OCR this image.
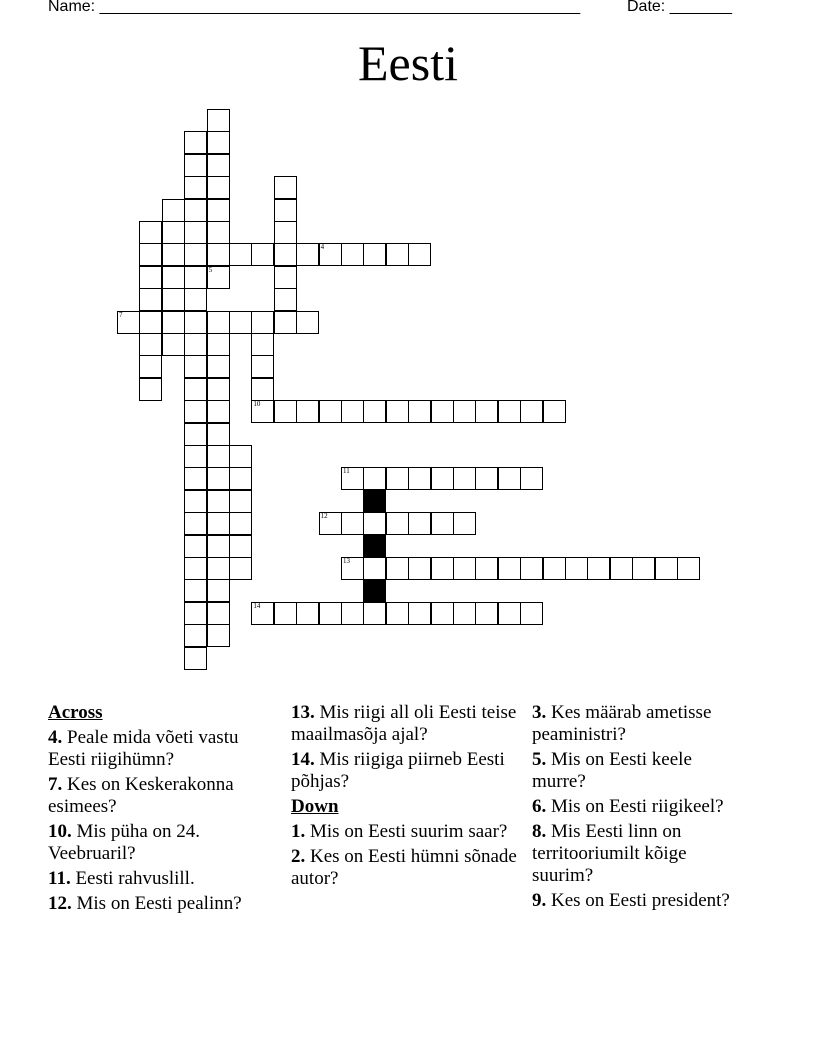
Name: ______________________________________________________	Date: _______
Eesti
5
4
7
10
11
12
13
14
Across
4. Peale mida võeti vastu Eesti riigihümn?
7. Kes on Keskerakonna esimees?
10. Mis püha on 24. Veebruaril?
11. Eesti rahvuslill.
12. Mis on Eesti pealinn?
13. Mis riigi all oli Eesti teise maailmasõja ajal?
14. Mis riigiga piirneb Eesti põhjas?
Down
1. Mis on Eesti suurim saar?
2. Kes on Eesti hümni sõnade autor?
3. Kes määrab ametisse peaministri?
5. Mis on Eesti keele murre?
6. Mis on Eesti riigikeel?
8. Mis Eesti linn on territooriumilt kõige suurim?
9. Kes on Eesti president?
